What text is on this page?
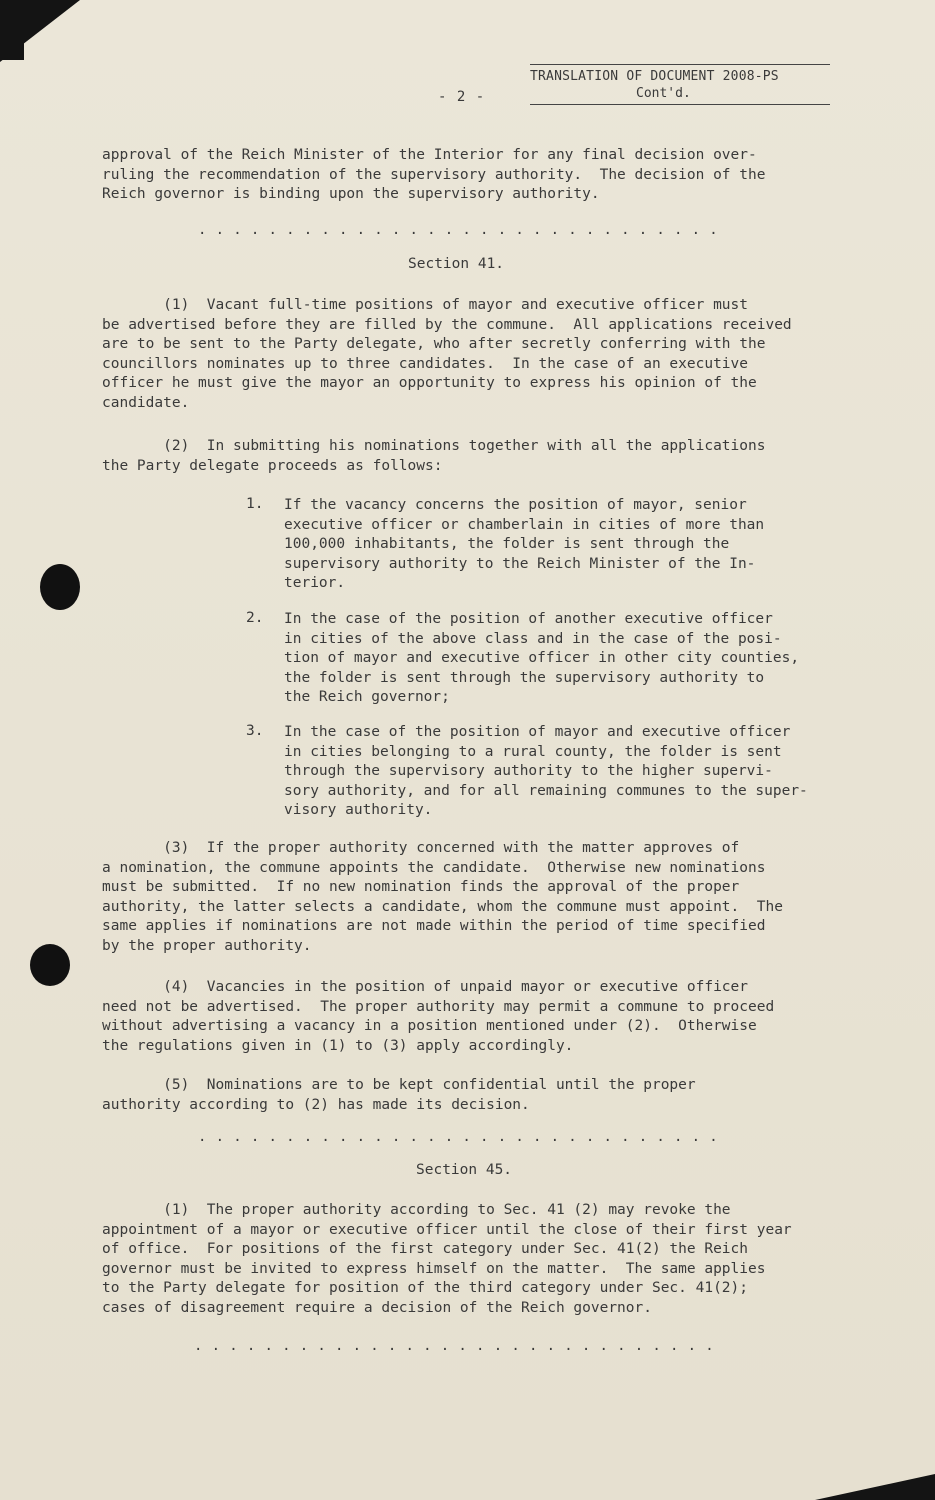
- 2 -
TRANSLATION OF DOCUMENT 2008-PS
Cont'd.
approval of the Reich Minister of the Interior for any final decision over-
ruling the recommendation of the supervisory authority.  The decision of the
Reich governor is binding upon the supervisory authority.
..............................
Section 41.
(1)  Vacant full-time positions of mayor and executive officer must
be advertised before they are filled by the commune.  All applications received
are to be sent to the Party delegate, who after secretly conferring with the
councillors nominates up to three candidates.  In the case of an executive
officer he must give the mayor an opportunity to express his opinion of the
candidate.
(2)  In submitting his nominations together with all the applications
the Party delegate proceeds as follows:
1. If the vacancy concerns the position of mayor, senior
executive officer or chamberlain in cities of more than
100,000 inhabitants, the folder is sent through the
supervisory authority to the Reich Minister of the In-
terior.
2. In the case of the position of another executive officer
in cities of the above class and in the case of the posi-
tion of mayor and executive officer in other city counties,
the folder is sent through the supervisory authority to
the Reich governor;
3. In the case of the position of mayor and executive officer
in cities belonging to a rural county, the folder is sent
through the supervisory authority to the higher supervi-
sory authority, and for all remaining communes to the super-
visory authority.
(3)  If the proper authority concerned with the matter approves of
a nomination, the commune appoints the candidate.  Otherwise new nominations
must be submitted.  If no new nomination finds the approval of the proper
authority, the latter selects a candidate, whom the commune must appoint.  The
same applies if nominations are not made within the period of time specified
by the proper authority.
(4)  Vacancies in the position of unpaid mayor or executive officer
need not be advertised.  The proper authority may permit a commune to proceed
without advertising a vacancy in a position mentioned under (2).  Otherwise
the regulations given in (1) to (3) apply accordingly.
(5)  Nominations are to be kept confidential until the proper
authority according to (2) has made its decision.
..............................
Section 45.
(1)  The proper authority according to Sec. 41 (2) may revoke the
appointment of a mayor or executive officer until the close of their first year
of office.  For positions of the first category under Sec. 41(2) the Reich
governor must be invited to express himself on the matter.  The same applies
to the Party delegate for position of the third category under Sec. 41(2);
cases of disagreement require a decision of the Reich governor.
..............................
